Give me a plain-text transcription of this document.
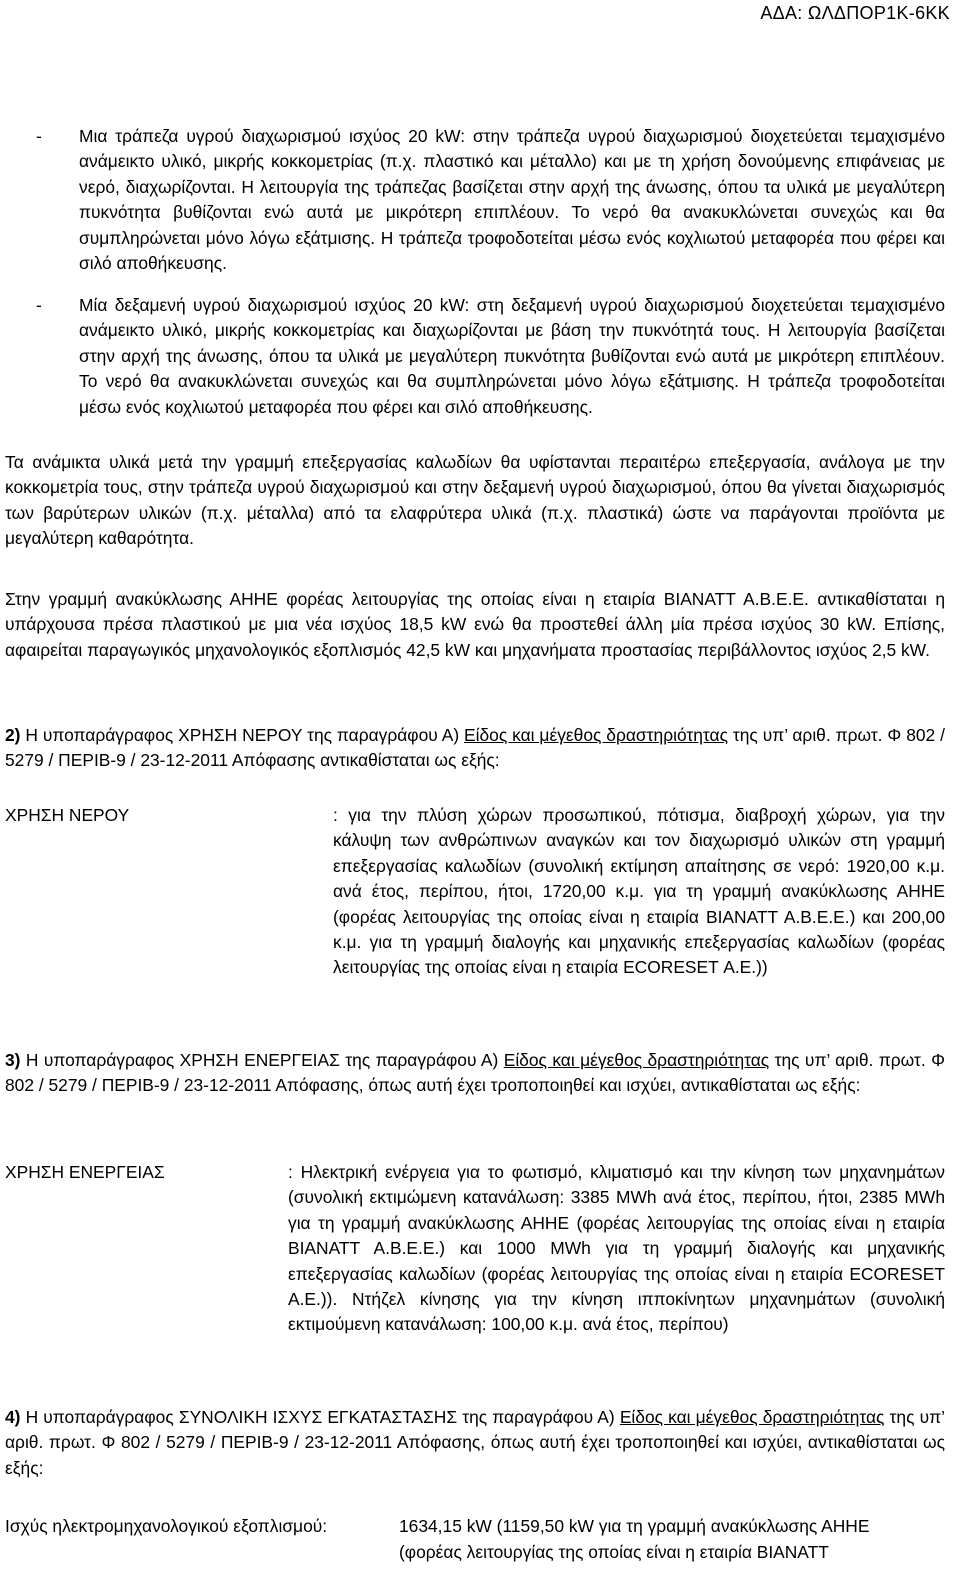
ΑΔΑ: ΩΛΔΠΟΡ1Κ-6ΚΚ
- Μια τράπεζα υγρού διαχωρισμού ισχύος 20 kW: στην τράπεζα υγρού διαχωρισμού διοχετεύεται τεμαχισμένο ανάμεικτο υλικό, μικρής κοκκομετρίας (π.χ. πλαστικό και μέταλλο) και με τη χρήση δονούμενης επιφάνειας με νερό, διαχωρίζονται. Η λειτουργία της τράπεζας βασίζεται στην αρχή της άνωσης, όπου τα υλικά με μεγαλύτερη πυκνότητα βυθίζονται ενώ αυτά με μικρότερη επιπλέουν. Το νερό θα ανακυκλώνεται συνεχώς και θα συμπληρώνεται μόνο λόγω εξάτμισης. Η τράπεζα τροφοδοτείται μέσω ενός κοχλιωτού μεταφορέα που φέρει και σιλό αποθήκευσης.
- Μία δεξαμενή υγρού διαχωρισμού ισχύος 20 kW: στη δεξαμενή υγρού διαχωρισμού διοχετεύεται τεμαχισμένο ανάμεικτο υλικό, μικρής κοκκομετρίας και διαχωρίζονται με βάση την πυκνότητά τους. Η λειτουργία βασίζεται στην αρχή της άνωσης, όπου τα υλικά με μεγαλύτερη πυκνότητα βυθίζονται ενώ αυτά με μικρότερη επιπλέουν. Το νερό θα ανακυκλώνεται συνεχώς και θα συμπληρώνεται μόνο λόγω εξάτμισης. Η τράπεζα τροφοδοτείται μέσω ενός κοχλιωτού μεταφορέα που φέρει και σιλό αποθήκευσης.
Τα ανάμικτα υλικά μετά την γραμμή επεξεργασίας καλωδίων θα υφίστανται περαιτέρω επεξεργασία, ανάλογα με την κοκκομετρία τους, στην τράπεζα υγρού διαχωρισμού και στην δεξαμενή υγρού διαχωρισμού, όπου θα γίνεται διαχωρισμός των βαρύτερων υλικών (π.χ. μέταλλα) από τα ελαφρύτερα υλικά (π.χ. πλαστικά) ώστε να παράγονται προϊόντα με μεγαλύτερη καθαρότητα.
Στην γραμμή ανακύκλωσης ΑΗΗΕ φορέας λειτουργίας της οποίας είναι η εταιρία ΒΙΑΝΑΤΤ Α.Β.Ε.Ε. αντικαθίσταται η υπάρχουσα πρέσα πλαστικού με μια νέα ισχύος 18,5 kW ενώ θα προστεθεί άλλη μία πρέσα ισχύος 30 kW. Επίσης, αφαιρείται παραγωγικός μηχανολογικός εξοπλισμός 42,5 kW και μηχανήματα προστασίας περιβάλλοντος ισχύος 2,5 kW.
2) Η υποπαράγραφος ΧΡΗΣΗ ΝΕΡΟΥ της παραγράφου Α) Είδος και μέγεθος δραστηριότητας της υπ’ αριθ. πρωτ. Φ 802 / 5279 / ΠΕΡΙΒ-9 / 23-12-2011 Απόφασης αντικαθίσταται ως εξής:
ΧΡΗΣΗ ΝΕΡΟΥ	: για την πλύση χώρων προσωπικού, πότισμα, διαβροχή χώρων, για την κάλυψη των ανθρώπινων αναγκών και τον διαχωρισμό υλικών στη γραμμή επεξεργασίας καλωδίων (συνολική εκτίμηση απαίτησης σε νερό: 1920,00 κ.μ. ανά έτος, περίπου, ήτοι, 1720,00 κ.μ. για τη γραμμή ανακύκλωσης ΑΗΗΕ (φορέας λειτουργίας της οποίας είναι η εταιρία ΒΙΑΝΑΤΤ Α.Β.Ε.Ε.) και 200,00 κ.μ. για τη γραμμή διαλογής και μηχανικής επεξεργασίας καλωδίων (φορέας λειτουργίας της οποίας είναι η εταιρία ECORESET Α.Ε.))
3) Η υποπαράγραφος ΧΡΗΣΗ ΕΝΕΡΓΕΙΑΣ της παραγράφου Α) Είδος και μέγεθος δραστηριότητας της υπ’ αριθ. πρωτ. Φ 802 / 5279 / ΠΕΡΙΒ-9 / 23-12-2011 Απόφασης, όπως αυτή έχει τροποποιηθεί και ισχύει, αντικαθίσταται ως εξής:
ΧΡΗΣΗ ΕΝΕΡΓΕΙΑΣ	: Ηλεκτρική ενέργεια για το φωτισμό, κλιματισμό και την κίνηση των μηχανημάτων (συνολική εκτιμώμενη κατανάλωση: 3385 MWh ανά έτος, περίπου, ήτοι, 2385 MWh για τη γραμμή ανακύκλωσης ΑΗΗΕ (φορέας λειτουργίας της οποίας είναι η εταιρία ΒΙΑΝΑΤΤ Α.Β.Ε.Ε.) και 1000 MWh για τη γραμμή διαλογής και μηχανικής επεξεργασίας καλωδίων (φορέας λειτουργίας της οποίας είναι η εταιρία ECORESET Α.Ε.)). Ντήζελ κίνησης για την κίνηση ιπποκίνητων μηχανημάτων (συνολική εκτιμούμενη κατανάλωση: 100,00 κ.μ. ανά έτος, περίπου)
4) Η υποπαράγραφος ΣΥΝΟΛΙΚΗ ΙΣΧΥΣ ΕΓΚΑΤΑΣΤΑΣΗΣ της παραγράφου Α) Είδος και μέγεθος δραστηριότητας της υπ’ αριθ. πρωτ. Φ 802 / 5279 / ΠΕΡΙΒ-9 / 23-12-2011 Απόφασης, όπως αυτή έχει τροποποιηθεί και ισχύει, αντικαθίσταται ως εξής:
Ισχύς ηλεκτρομηχανολογικού εξοπλισμού:	1634,15 kW (1159,50 kW για τη γραμμή ανακύκλωσης ΑΗΗΕ
(φορέας λειτουργίας της οποίας είναι η εταιρία ΒΙΑΝΑΤΤ
